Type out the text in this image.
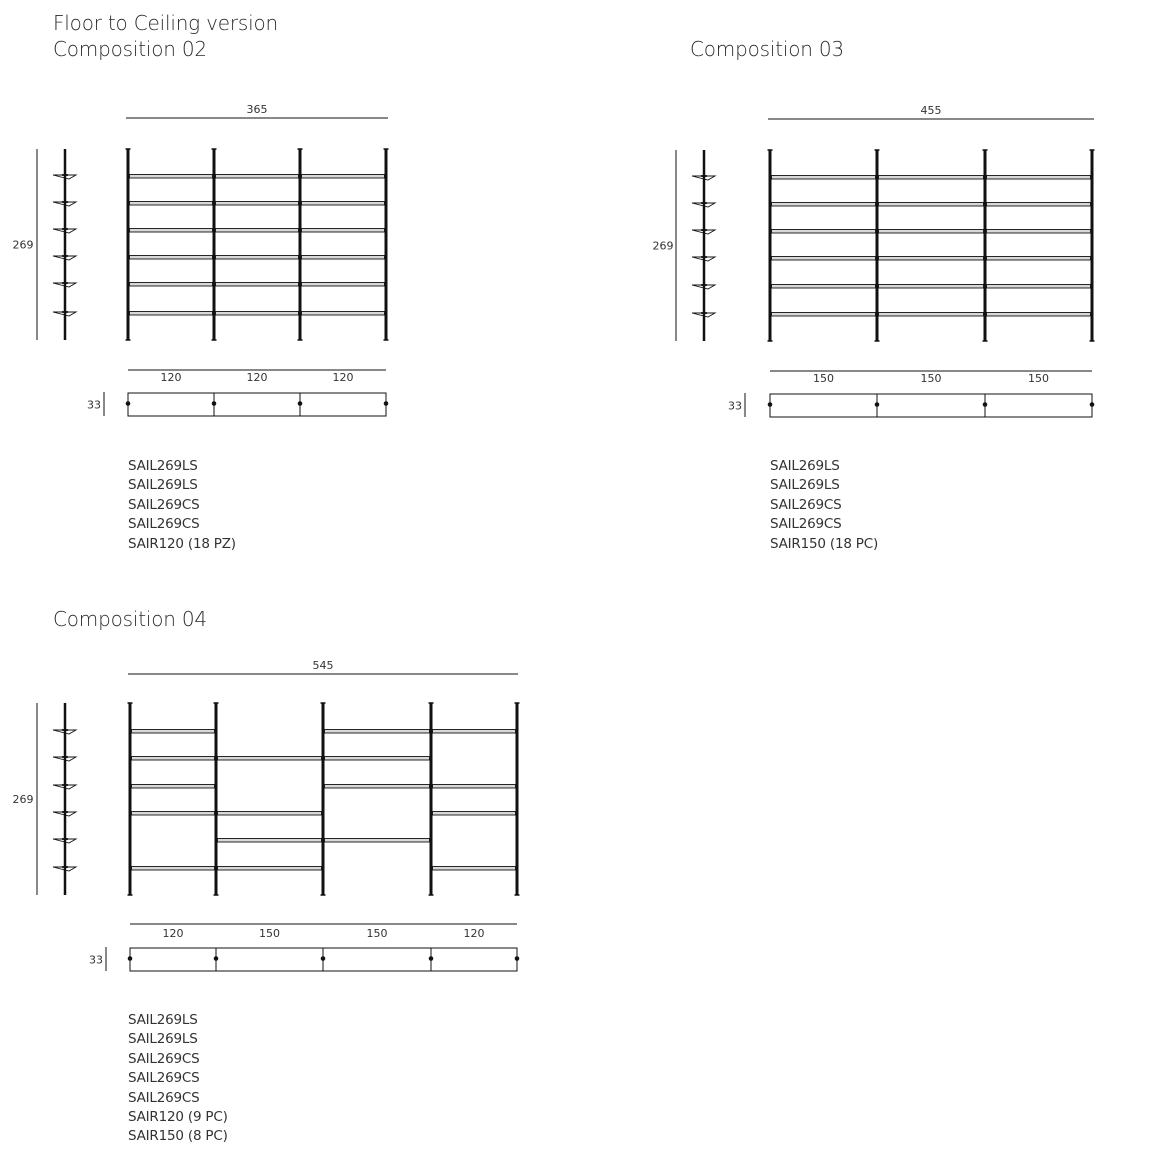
Floor to Ceiling version
Composition 02	Composition 03
Composition 04
365
269
120	120	120
33
455
269
150	150	150
33
545
269
120	150	150	120
33
SAIL269LS
SAIL269LS
SAIL269CS
SAIL269CS
SAIR120 (18 PZ)
SAIL269LS
SAIL269LS
SAIL269CS
SAIL269CS
SAIR150 (18 PC)
SAIL269LS
SAIL269LS
SAIL269CS
SAIL269CS
SAIL269CS
SAIR120 (9 PC)
SAIR150 (8 PC)
